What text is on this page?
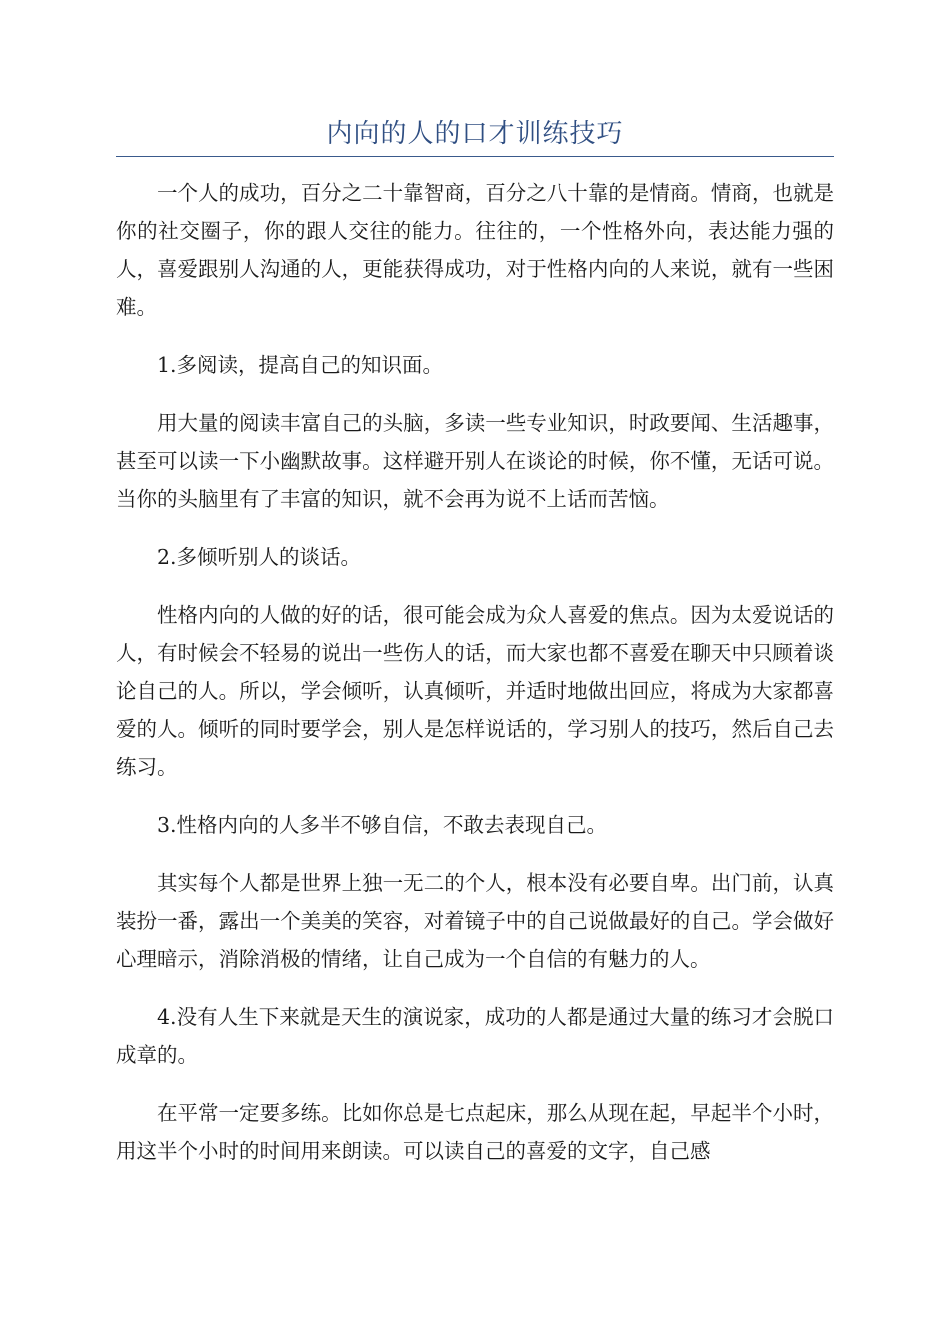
内向的人的口才训练技巧

一个人的成功，百分之二十靠智商，百分之八十靠的是情商。情商，也就是你的社交圈子，你的跟人交往的能力。往往的，一个性格外向，表达能力强的人，喜爱跟别人沟通的人，更能获得成功，对于性格内向的人来说，就有一些困难。

1.多阅读，提高自己的知识面。

用大量的阅读丰富自己的头脑，多读一些专业知识，时政要闻、生活趣事，甚至可以读一下小幽默故事。这样避开别人在谈论的时候，你不懂，无话可说。当你的头脑里有了丰富的知识，就不会再为说不上话而苦恼。

2.多倾听别人的谈话。

性格内向的人做的好的话，很可能会成为众人喜爱的焦点。因为太爱说话的人，有时候会不轻易的说出一些伤人的话，而大家也都不喜爱在聊天中只顾着谈论自己的人。所以，学会倾听，认真倾听，并适时地做出回应，将成为大家都喜爱的人。倾听的同时要学会，别人是怎样说话的，学习别人的技巧，然后自己去练习。

3.性格内向的人多半不够自信，不敢去表现自己。

其实每个人都是世界上独一无二的个人，根本没有必要自卑。出门前，认真装扮一番，露出一个美美的笑容，对着镜子中的自己说做最好的自己。学会做好心理暗示，消除消极的情绪，让自己成为一个自信的有魅力的人。

4.没有人生下来就是天生的演说家，成功的人都是通过大量的练习才会脱口成章的。

在平常一定要多练。比如你总是七点起床，那么从现在起，早起半个小时，用这半个小时的时间用来朗读。可以读自己的喜爱的文字，自己感
